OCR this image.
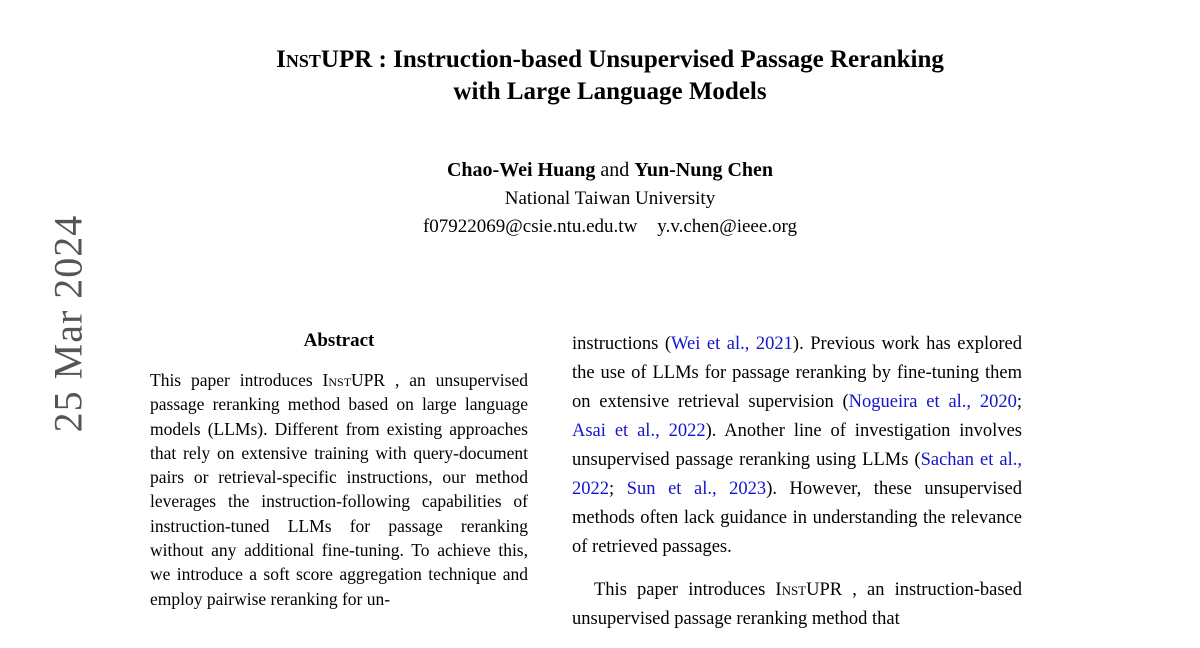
25 Mar 2024
InstUPR : Instruction-based Unsupervised Passage Reranking
with Large Language Models
Chao-Wei Huang and Yun-Nung Chen
National Taiwan University
f07922069@csie.ntu.edu.tw y.v.chen@ieee.org
Abstract
This paper introduces InstUPR , an unsupervised passage reranking method based on large language models (LLMs). Different from existing approaches that rely on extensive training with query-document pairs or retrieval-specific instructions, our method leverages the instruction-following capabilities of instruction-tuned LLMs for passage reranking without any additional fine-tuning. To achieve this, we introduce a soft score aggregation technique and employ pairwise reranking for un-
instructions (Wei et al., 2021). Previous work has explored the use of LLMs for passage reranking by fine-tuning them on extensive retrieval supervision (Nogueira et al., 2020; Asai et al., 2022). Another line of investigation involves unsupervised passage reranking using LLMs (Sachan et al., 2022; Sun et al., 2023). However, these unsupervised methods often lack guidance in understanding the relevance of retrieved passages.
This paper introduces InstUPR , an instruction-based unsupervised passage reranking method that
